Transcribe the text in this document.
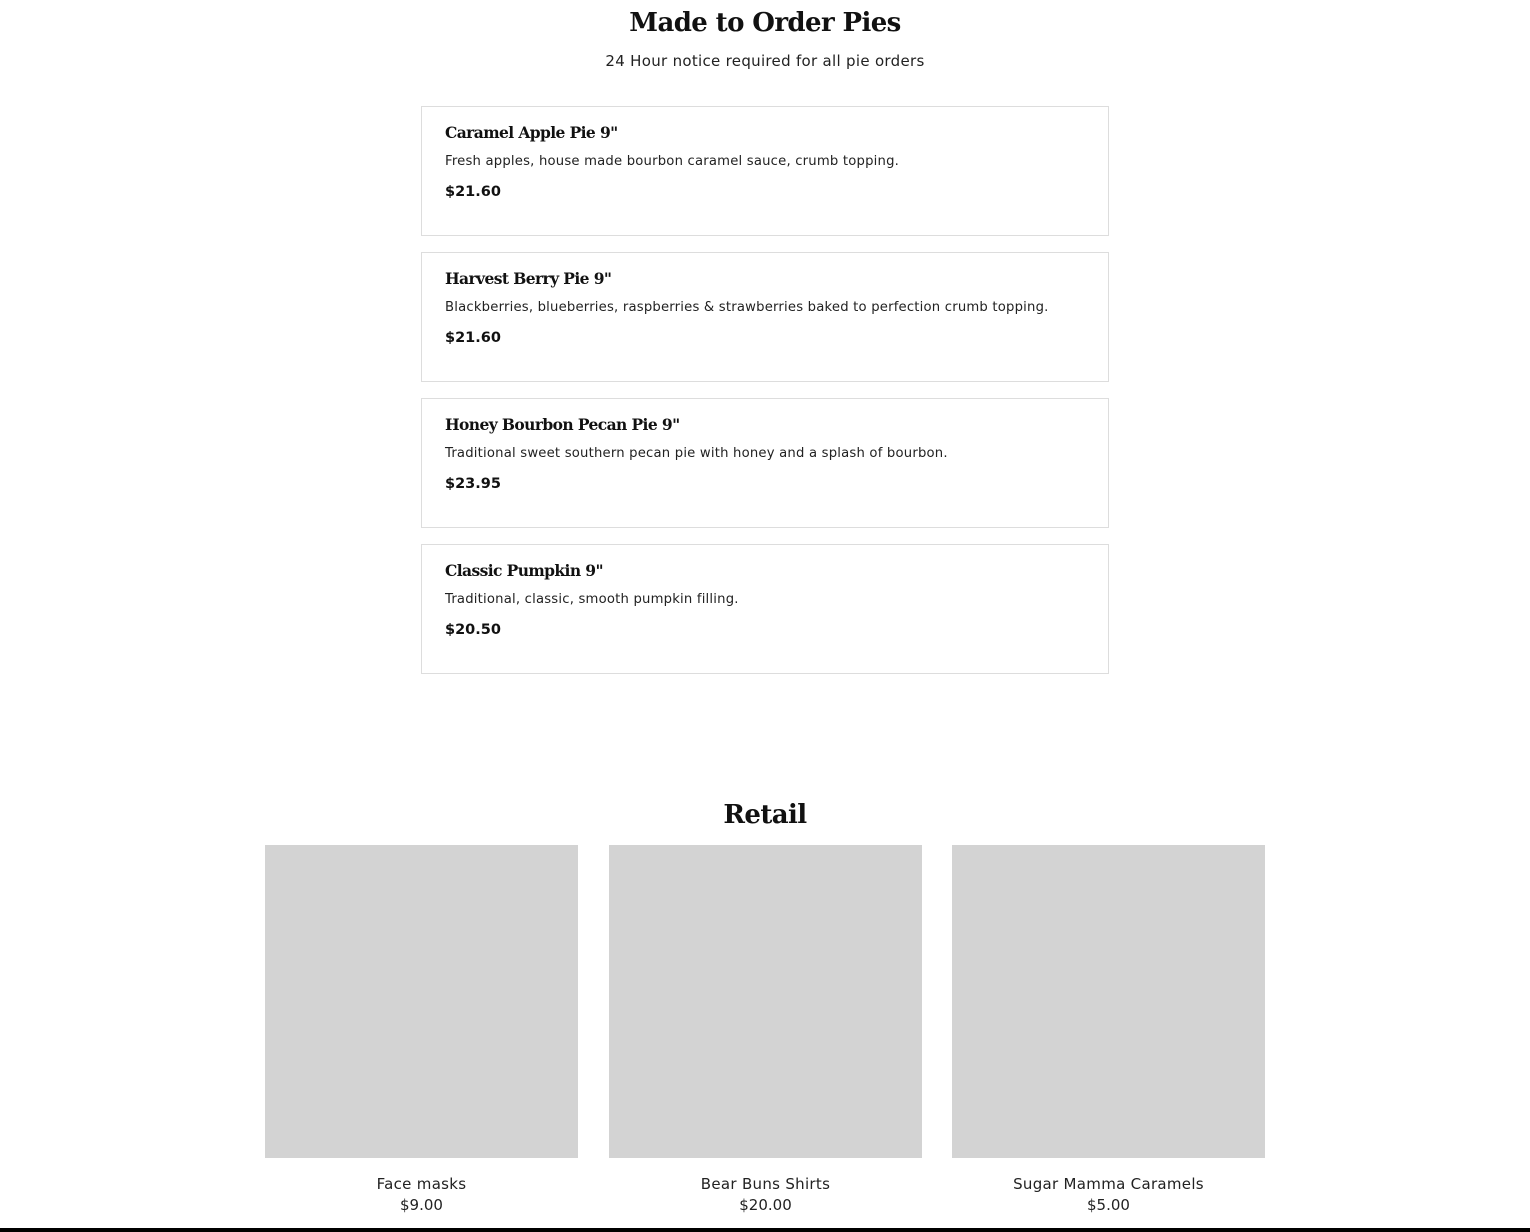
Made to Order Pies
24 Hour notice required for all pie orders
Caramel Apple Pie 9"
Fresh apples, house made bourbon caramel sauce, crumb topping.
$21.60
Harvest Berry Pie 9"
Blackberries, blueberries, raspberries & strawberries baked to perfection crumb topping.
$21.60
Honey Bourbon Pecan Pie 9"
Traditional sweet southern pecan pie with honey and a splash of bourbon.
$23.95
Classic Pumpkin 9"
Traditional, classic, smooth pumpkin filling.
$20.50
Retail
Face masks
$9.00
Bear Buns Shirts
$20.00
Sugar Mamma Caramels
$5.00
